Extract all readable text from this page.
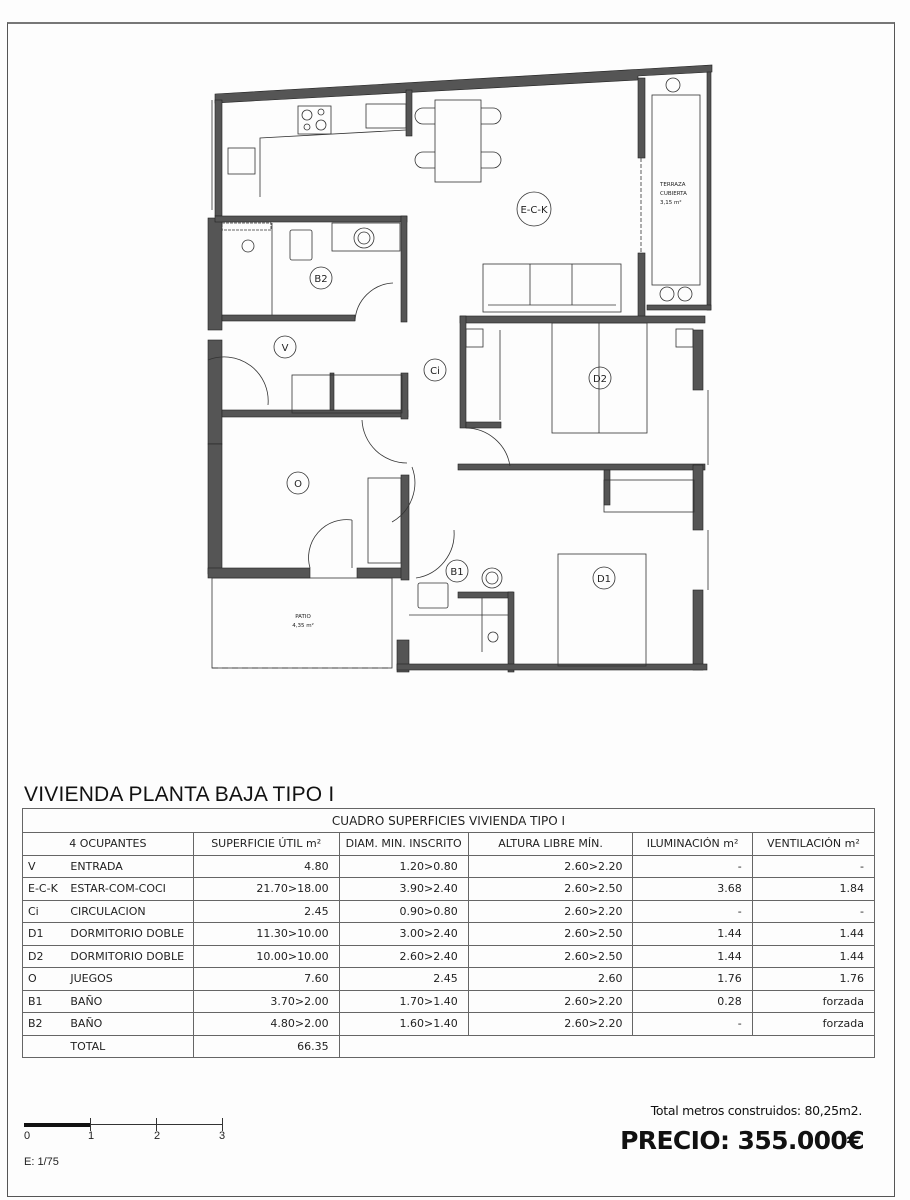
E-C-K
B2
V
Ci
D2
O
B1
D1
TERRAZA
CUBIERTA
3,15 m²
PATIO
4,35 m²
VIVIENDA PLANTA BAJA TIPO I
CUADRO SUPERFICIES VIVIENDA TIPO I						
4 OCUPANTES		SUPERFICIE ÚTIL m²	DIAM. MIN. INSCRITO	ALTURA LIBRE MÍN.	ILUMINACIÓN m²	VENTILACIÓN m²
V	ENTRADA	4.80	1.20>0.80	2.60>2.20	-	-
E-C-K	ESTAR-COM-COCI	21.70>18.00	3.90>2.40	2.60>2.50	3.68	1.84
Ci	CIRCULACION	2.45	0.90>0.80	2.60>2.20	-	-
D1	DORMITORIO DOBLE	11.30>10.00	3.00>2.40	2.60>2.50	1.44	1.44
D2	DORMITORIO DOBLE	10.00>10.00	2.60>2.40	2.60>2.50	1.44	1.44
O	JUEGOS	7.60	2.45	2.60	1.76	1.76
B1	BAÑO	3.70>2.00	1.70>1.40	2.60>2.20	0.28	forzada
B2	BAÑO	4.80>2.00	1.60>1.40	2.60>2.20	-	forzada
	TOTAL	66.35				
0	1	2	3
E: 1/75
Total metros construidos: 80,25m2.
PRECIO: 355.000€
